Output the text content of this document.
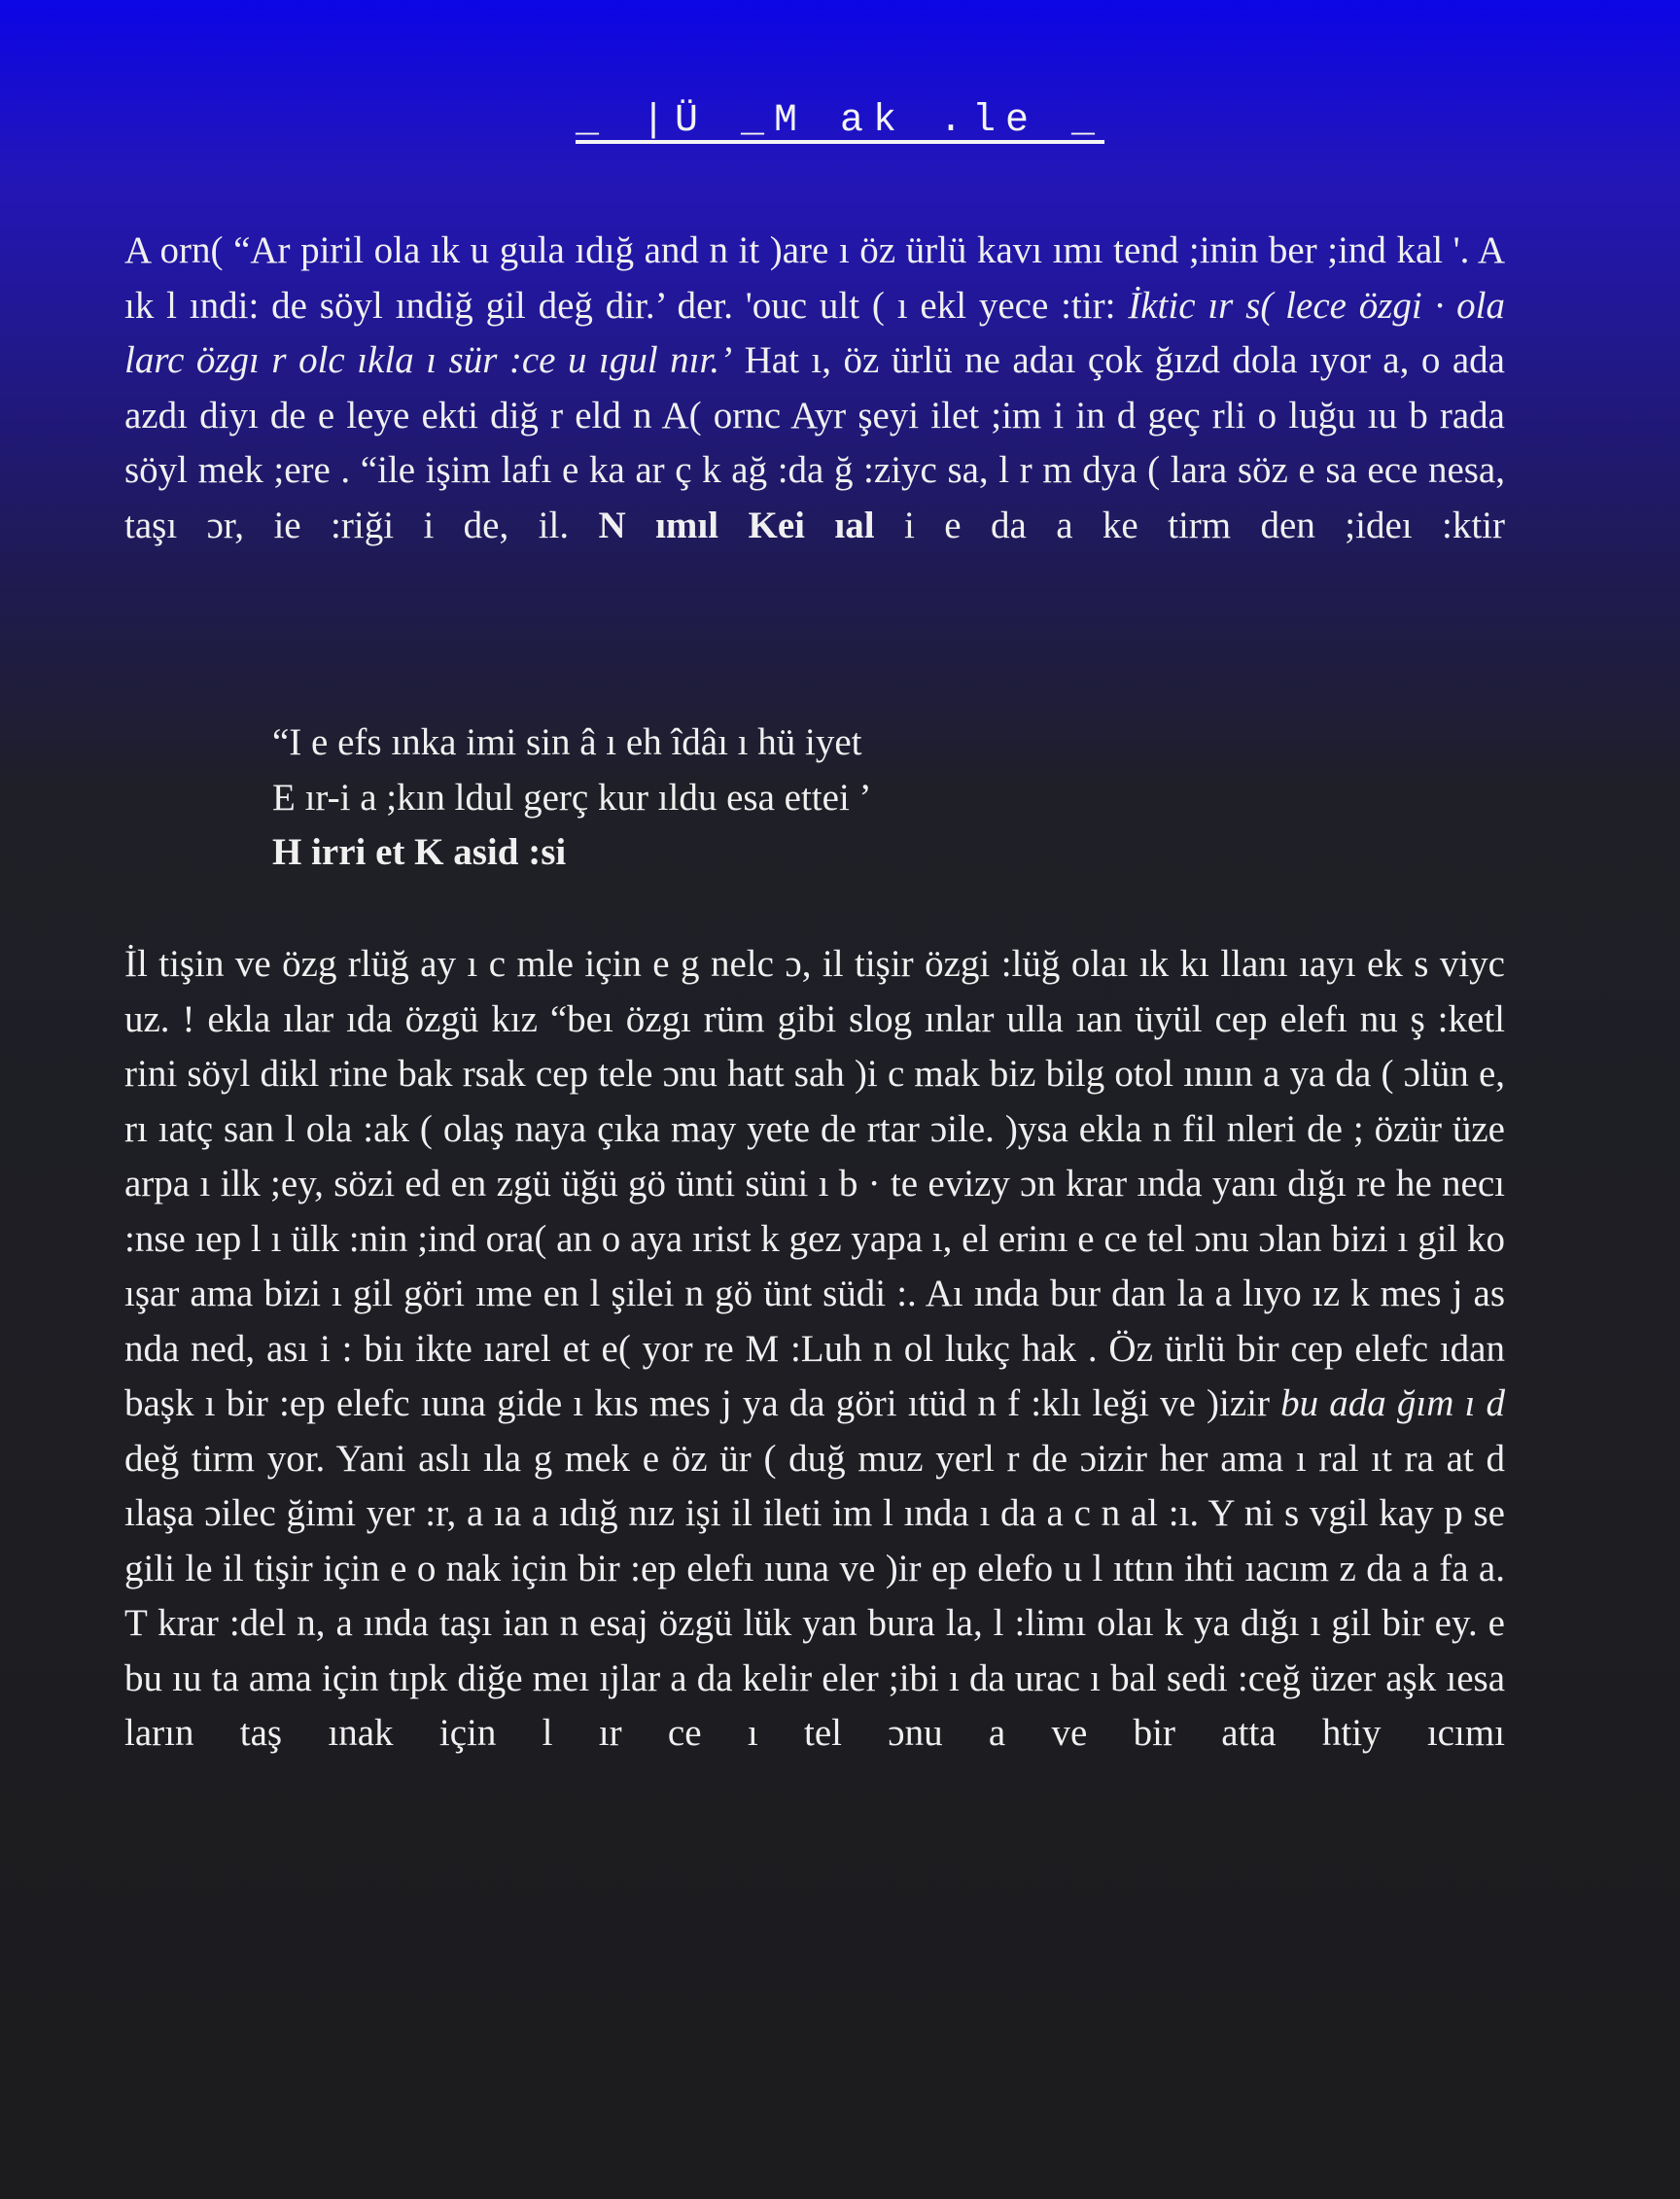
_ |Ü _M ak .le _

A orn( “Ar piril ola ık u gula ıdığ and n it )are ı öz ürlü kavı ımı tend ;inin ber ;ind kal '. A ık l ındi: de söyl ındiğ gil değ dir.’ der. 'ouc ult ( ı ekl yece :tir: İktic ır s( lece özgi · ola larc özgı r olc ıkla ı sür :ce u ıgul nır.’ Hat ı, öz ürlü ne adaı çok ğızd dola ıyor a, o ada azdı diyı de e leye ekti diğ r eld n A( ornc Ayr şeyi ilet ;im i in d geç rli o luğu ıu b rada söyl mek ;ere . “ile işim lafı e ka ar ç k ağ :da ğ :ziyc sa, l r m dya ( lara söz e sa ece nesa, taşı ɔr, ie :riği i de, il. N ımıl Kei ıal i e da a ke tirm den ;ideı :ktir

“I e efs ınka imi sin â ı eh îdâı ı hü iyet
E ır-i a ;kın ldul gerç kur ıldu esa ettei ’
H irri et K asid :si

İl tişin ve özg rlüğ ay ı c mle için e g nelc ɔ, il tişir özgi :lüğ olaı ık kı llanı ıayı ek s viyc uz. ! ekla ılar ıda özgü kız “beı özgı rüm gibi slog ınlar ulla ıan üyül cep elefı nu ş :ketl rini söyl dikl rine bak rsak cep tele ɔnu hatt sah )i c mak biz bilg otol ınıın a ya da ( ɔlün e, rı ıatç san l ola :ak ( olaş naya çıka may yete de rtar ɔile. )ysa ekla n fil nleri de ; özür üze arpa ı ilk ;ey, sözi ed en zgü üğü gö ünti süni ı b · te evizy ɔn krar ında yanı dığı re he necı :nse ıep l ı ülk :nin ;ind ora( an o aya ırist k gez yapa ı, el erinı e ce tel ɔnu ɔlan bizi ı gil ko ışar ama bizi ı gil göri ıme en l şilei n gö ünt südi :. Aı ında bur dan la a lıyo ız k mes j as nda ned, ası i : biı ikte ıarel et e( yor re M :Luh n ol lukç hak . Öz ürlü bir cep elefc ıdan başk ı bir :ep elefc ıuna gide ı kıs mes j ya da göri ıtüd n f :klı leği ve )izir bu ada ğım ı d değ tirm yor. Yani aslı ıla g mek e öz ür ( duğ muz yerl r de ɔizir her ama ı ral ıt ra at d ılaşa ɔilec ğimi yer :r, a ıa a ıdığ nız işi il ileti im l ında ı da a c n al :ı. Y ni s vgil kay p se gili le il tişir için e o nak için bir :ep elefı ıuna ve )ir ep elefo u l ıttın ihti ıacım z da a fa a. T krar :del n, a ında taşı ian n esaj özgü lük yan bura la, l :limı olaı k ya dığı ı gil bir ey. e bu ıu ta ama için tıpk diğe meı ıjlar a da kelir eler ;ibi ı da urac ı bal sedi :ceğ üzer aşk ıesa ların taş ınak için l ır ce ı tel ɔnu a ve bir atta htiy ıcımı
